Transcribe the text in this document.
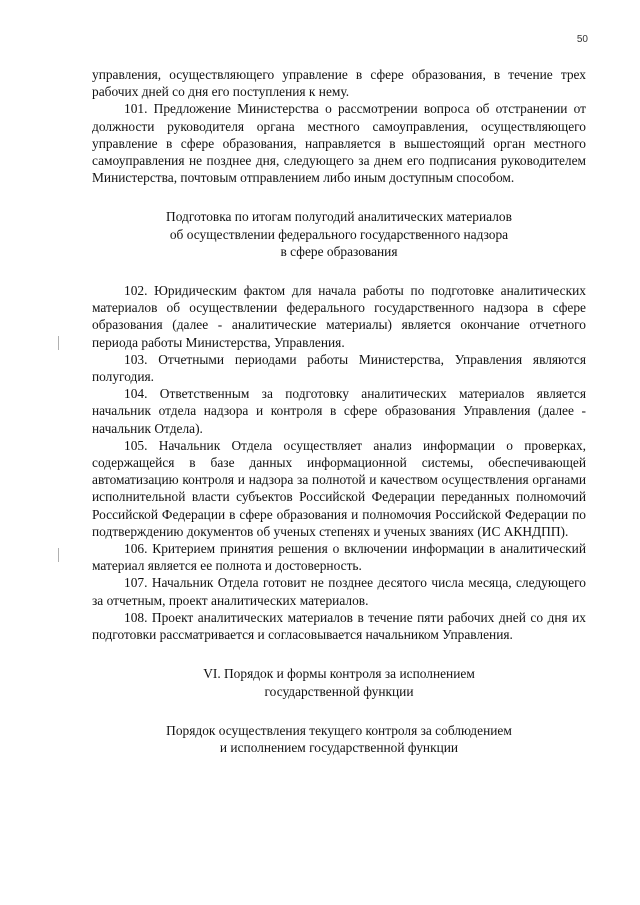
50

управления, осуществляющего управление в сфере образования, в течение трех рабочих дней со дня его поступления к нему.

101. Предложение Министерства о рассмотрении вопроса об отстранении от должности руководителя органа местного самоуправления, осуществляющего управление в сфере образования, направляется в вышестоящий орган местного самоуправления не позднее дня, следующего за днем его подписания руководителем Министерства, почтовым отправлением либо иным доступным способом.

Подготовка по итогам полугодий аналитических материалов
об осуществлении федерального государственного надзора
в сфере образования

102. Юридическим фактом для начала работы по подготовке аналитических материалов об осуществлении федерального государственного надзора в сфере образования (далее - аналитические материалы) является окончание отчетного периода работы Министерства, Управления.

103. Отчетными периодами работы Министерства, Управления являются полугодия.

104. Ответственным за подготовку аналитических материалов является начальник отдела надзора и контроля в сфере образования Управления (далее - начальник Отдела).

105. Начальник Отдела осуществляет анализ информации о проверках, содержащейся в базе данных информационной системы, обеспечивающей автоматизацию контроля и надзора за полнотой и качеством осуществления органами исполнительной власти субъектов Российской Федерации переданных полномочий Российской Федерации в сфере образования и полномочия Российской Федерации по подтверждению документов об ученых степенях и ученых званиях (ИС АКНДПП).

106. Критерием принятия решения о включении информации в аналитический материал является ее полнота и достоверность.

107. Начальник Отдела готовит не позднее десятого числа месяца, следующего за отчетным, проект аналитических материалов.

108. Проект аналитических материалов в течение пяти рабочих дней со дня их подготовки рассматривается и согласовывается начальником Управления.

VI. Порядок и формы контроля за исполнением
государственной функции
Порядок осуществления текущего контроля за соблюдением
и исполнением государственной функции
